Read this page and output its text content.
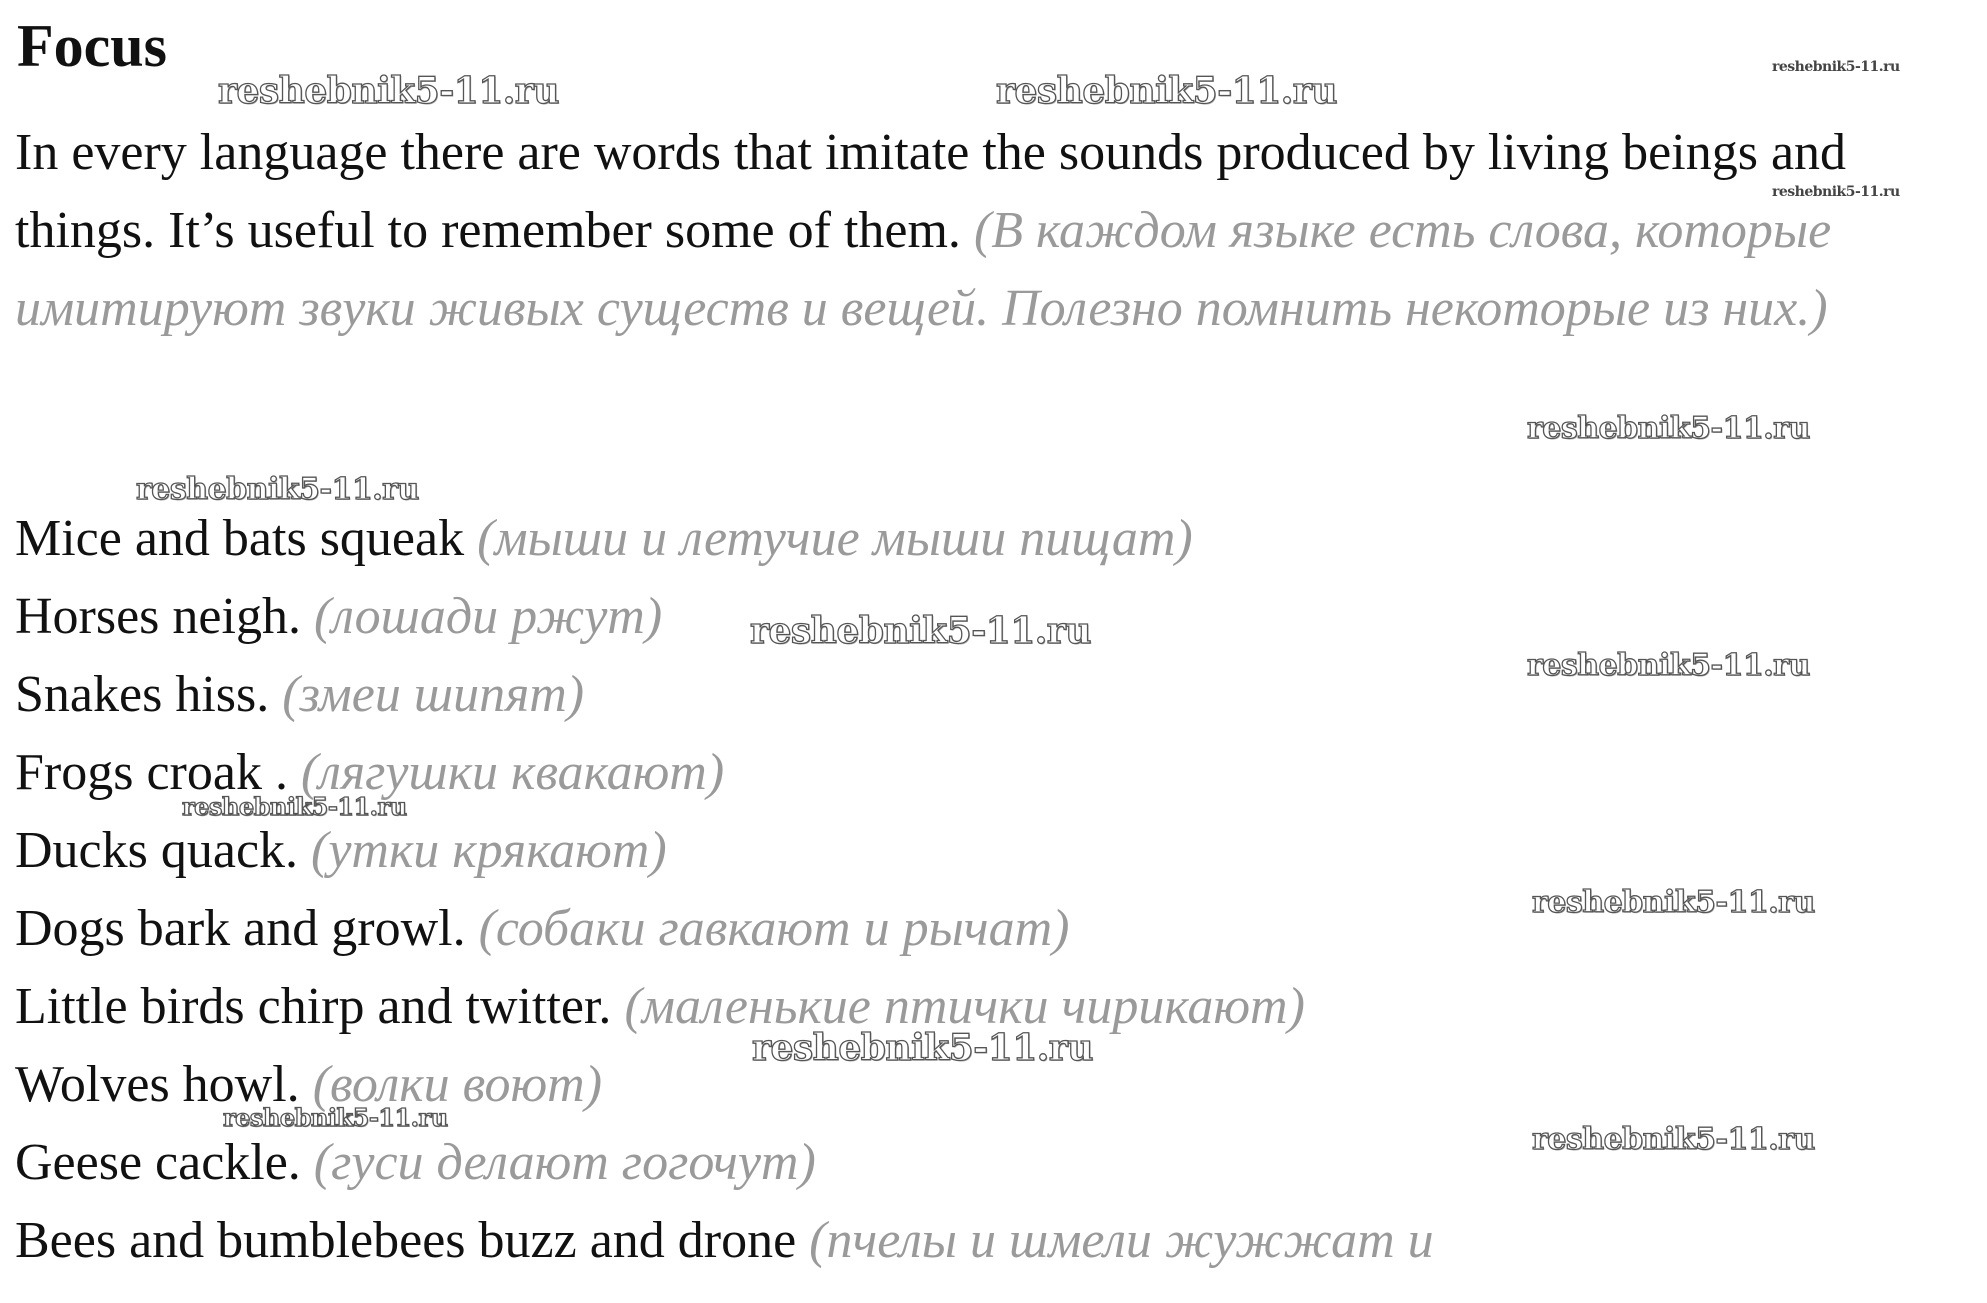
Focus	reshebnik5-11.ru
reshebnik5-11.ru
reshebnik5-11.ru	reshebnik5-11.ru
In every language there are words that imitate the sounds produced by living beings and things. It’s useful to remember some of them. (В каждом языке есть слова, которые имитируют звуки живых существ и вещей. Полезно помнить некоторые из них.)
reshebnik5-11.ru
reshebnik5-11.ru
Mice and bats squeak (мыши и летучие мыши пищат)
Horses neigh. (лошади ржут)
Snakes hiss. (змеи шипят)
Frogs croak . (лягушки квакают)
Ducks quack. (утки крякают)
Dogs bark and growl. (собаки гавкают и рычат)
Little birds chirp and twitter. (маленькие птички чирикают)
Wolves howl. (волки воют)
Geese cackle. (гуси делают гогочут)
Bees and bumblebees buzz and drone (пчелы и шмели жужжат и
reshebnik5-11.ru
reshebnik5-11.ru
reshebnik5-11.ru
reshebnik5-11.ru
reshebnik5-11.ru
reshebnik5-11.ru
reshebnik5-11.ru
